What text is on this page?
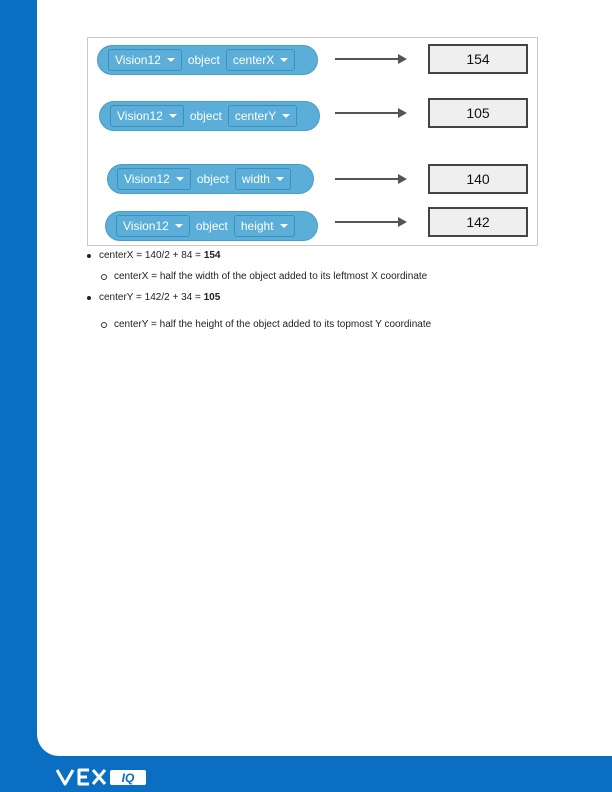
Vision12 object centerX	154
Vision12 object centerY	105
Vision12 object width	140
Vision12 object height	142
centerX = 140/2 + 84 = 154
centerX = half the width of the object added to its leftmost X coordinate
centerY = 142/2 + 34 = 105
centerY = half the height of the object added to its topmost Y coordinate
IQ
